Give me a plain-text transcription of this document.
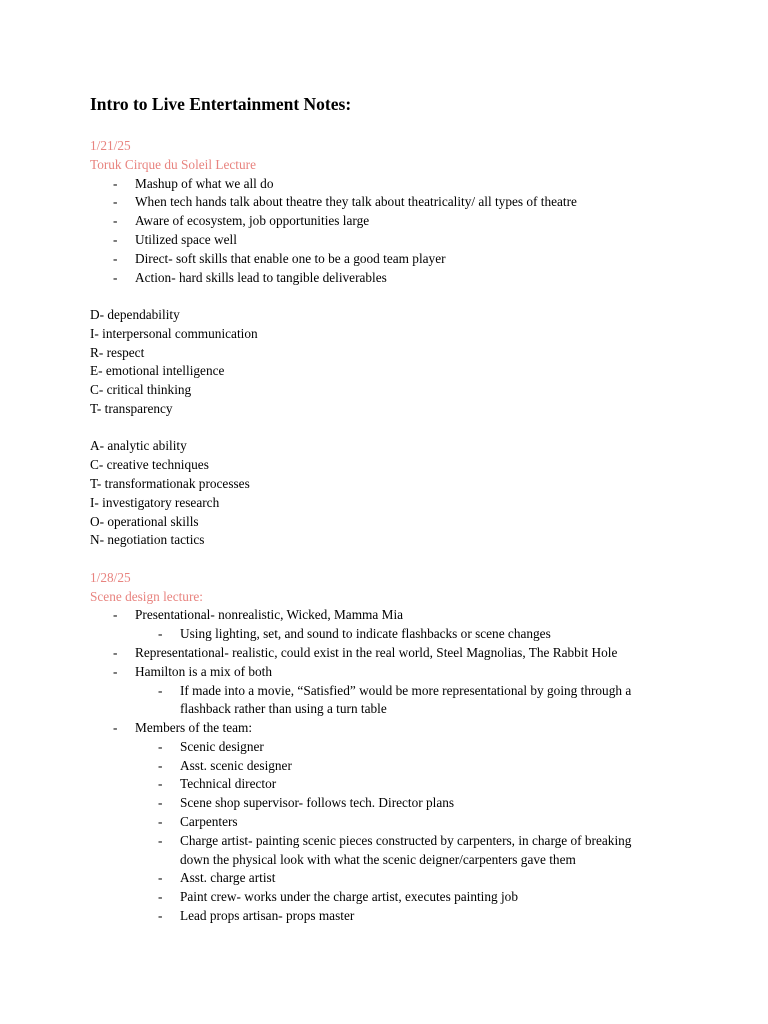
Intro to Live Entertainment Notes:
1/21/25
Toruk Cirque du Soleil Lecture
- Mashup of what we all do
- When tech hands talk about theatre they talk about theatricality/ all types of theatre
- Aware of ecosystem, job opportunities large
- Utilized space well
- Direct- soft skills that enable one to be a good team player
- Action- hard skills lead to tangible deliverables
D- dependability
I- interpersonal communication
R- respect
E- emotional intelligence
C- critical thinking
T- transparency
A- analytic ability
C- creative techniques
T- transformationak processes
I- investigatory research
O- operational skills
N- negotiation tactics
1/28/25
Scene design lecture:
- Presentational- nonrealistic, Wicked, Mamma Mia
- Using lighting, set, and sound to indicate flashbacks or scene changes
- Representational- realistic, could exist in the real world, Steel Magnolias, The Rabbit Hole
- Hamilton is a mix of both
- If made into a movie, “Satisfied” would be more representational by going through a
flashback rather than using a turn table
- Members of the team:
- Scenic designer
- Asst. scenic designer
- Technical director
- Scene shop supervisor- follows tech. Director plans
- Carpenters
- Charge artist- painting scenic pieces constructed by carpenters, in charge of breaking
down the physical look with what the scenic deigner/carpenters gave them
- Asst. charge artist
- Paint crew- works under the charge artist, executes painting job
- Lead props artisan- props master
